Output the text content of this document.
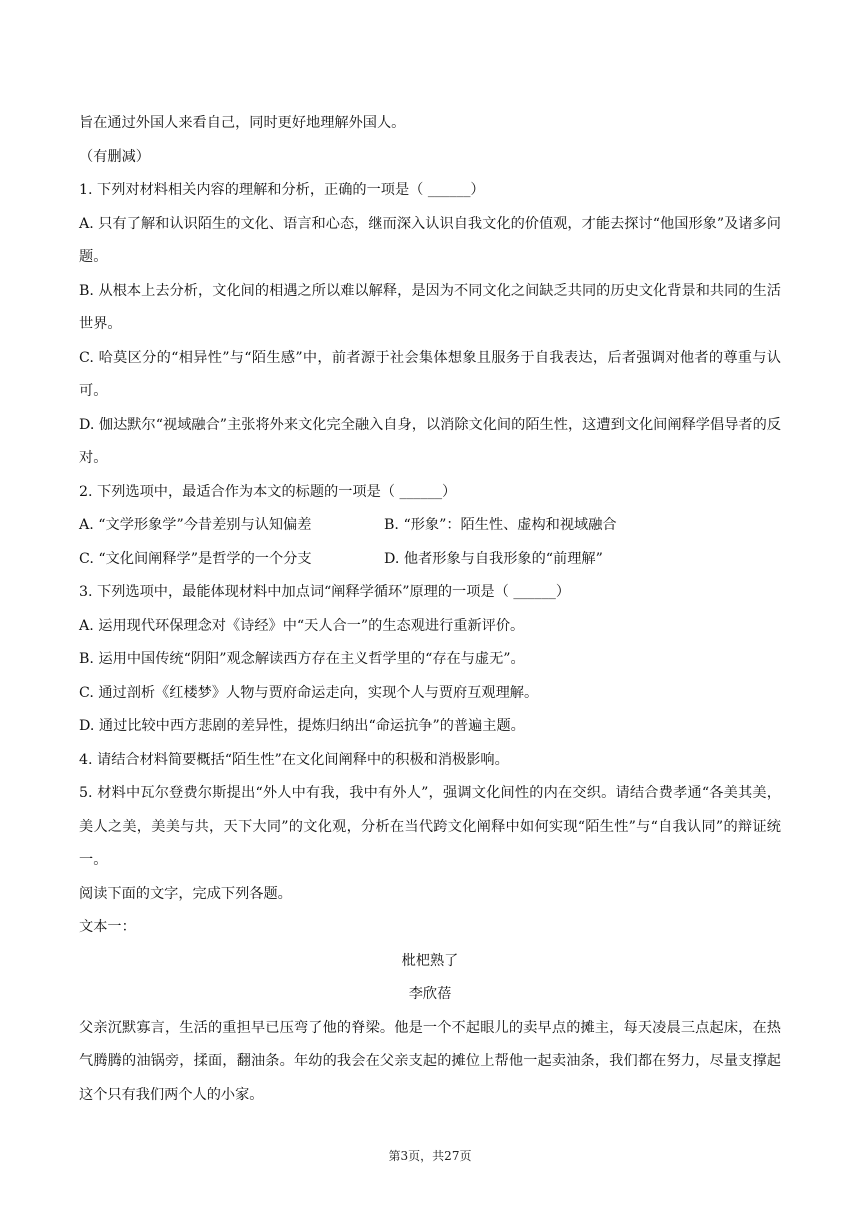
旨在通过外国人来看自己，同时更好地理解外国人。

（有删减）

1. 下列对材料相关内容的理解和分析，正确的一项是（ ______）

A. 只有了解和认识陌生的文化、语言和心态，继而深入认识自我文化的价值观，才能去探讨“他国形象”及诸多问题。

B. 从根本上去分析，文化间的相遇之所以难以解释，是因为不同文化之间缺乏共同的历史文化背景和共同的生活世界。

C. 哈莫区分的“相异性”与“陌生感”中，前者源于社会集体想象且服务于自我表达，后者强调对他者的尊重与认可。

D. 伽达默尔“视域融合”主张将外来文化完全融入自身，以消除文化间的陌生性，这遭到文化间阐释学倡导者的反对。

2. 下列选项中，最适合作为本文的标题的一项是（ ______）

A. “文学形象学”今昔差别与认知偏差	B. “形象”：陌生性、虚构和视域融合
C. “文化间阐释学”是哲学的一个分支	D. 他者形象与自我形象的“前理解”

3. 下列选项中，最能体现材料中加点词“阐释学循环”原理的一项是（ ______）

A. 运用现代环保理念对《诗经》中“天人合一”的生态观进行重新评价。

B. 运用中国传统“阴阳”观念解读西方存在主义哲学里的“存在与虚无”。

C. 通过剖析《红楼梦》人物与贾府命运走向，实现个人与贾府互观理解。

D. 通过比较中西方悲剧的差异性，提炼归纳出“命运抗争”的普遍主题。

4. 请结合材料简要概括“陌生性”在文化间阐释中的积极和消极影响。

5. 材料中瓦尔登费尔斯提出“外人中有我，我中有外人”，强调文化间性的内在交织。请结合费孝通“各美其美，美人之美，美美与共，天下大同”的文化观，分析在当代跨文化阐释中如何实现“陌生性”与“自我认同”的辩证统一。

阅读下面的文字，完成下列各题。

文本一：

枇杷熟了

李欣蓓

父亲沉默寡言，生活的重担早已压弯了他的脊梁。他是一个不起眼儿的卖早点的摊主，每天凌晨三点起床，在热气腾腾的油锅旁，揉面，翻油条。年幼的我会在父亲支起的摊位上帮他一起卖油条，我们都在努力，尽量支撑起这个只有我们两个人的小家。

第3页，共27页
